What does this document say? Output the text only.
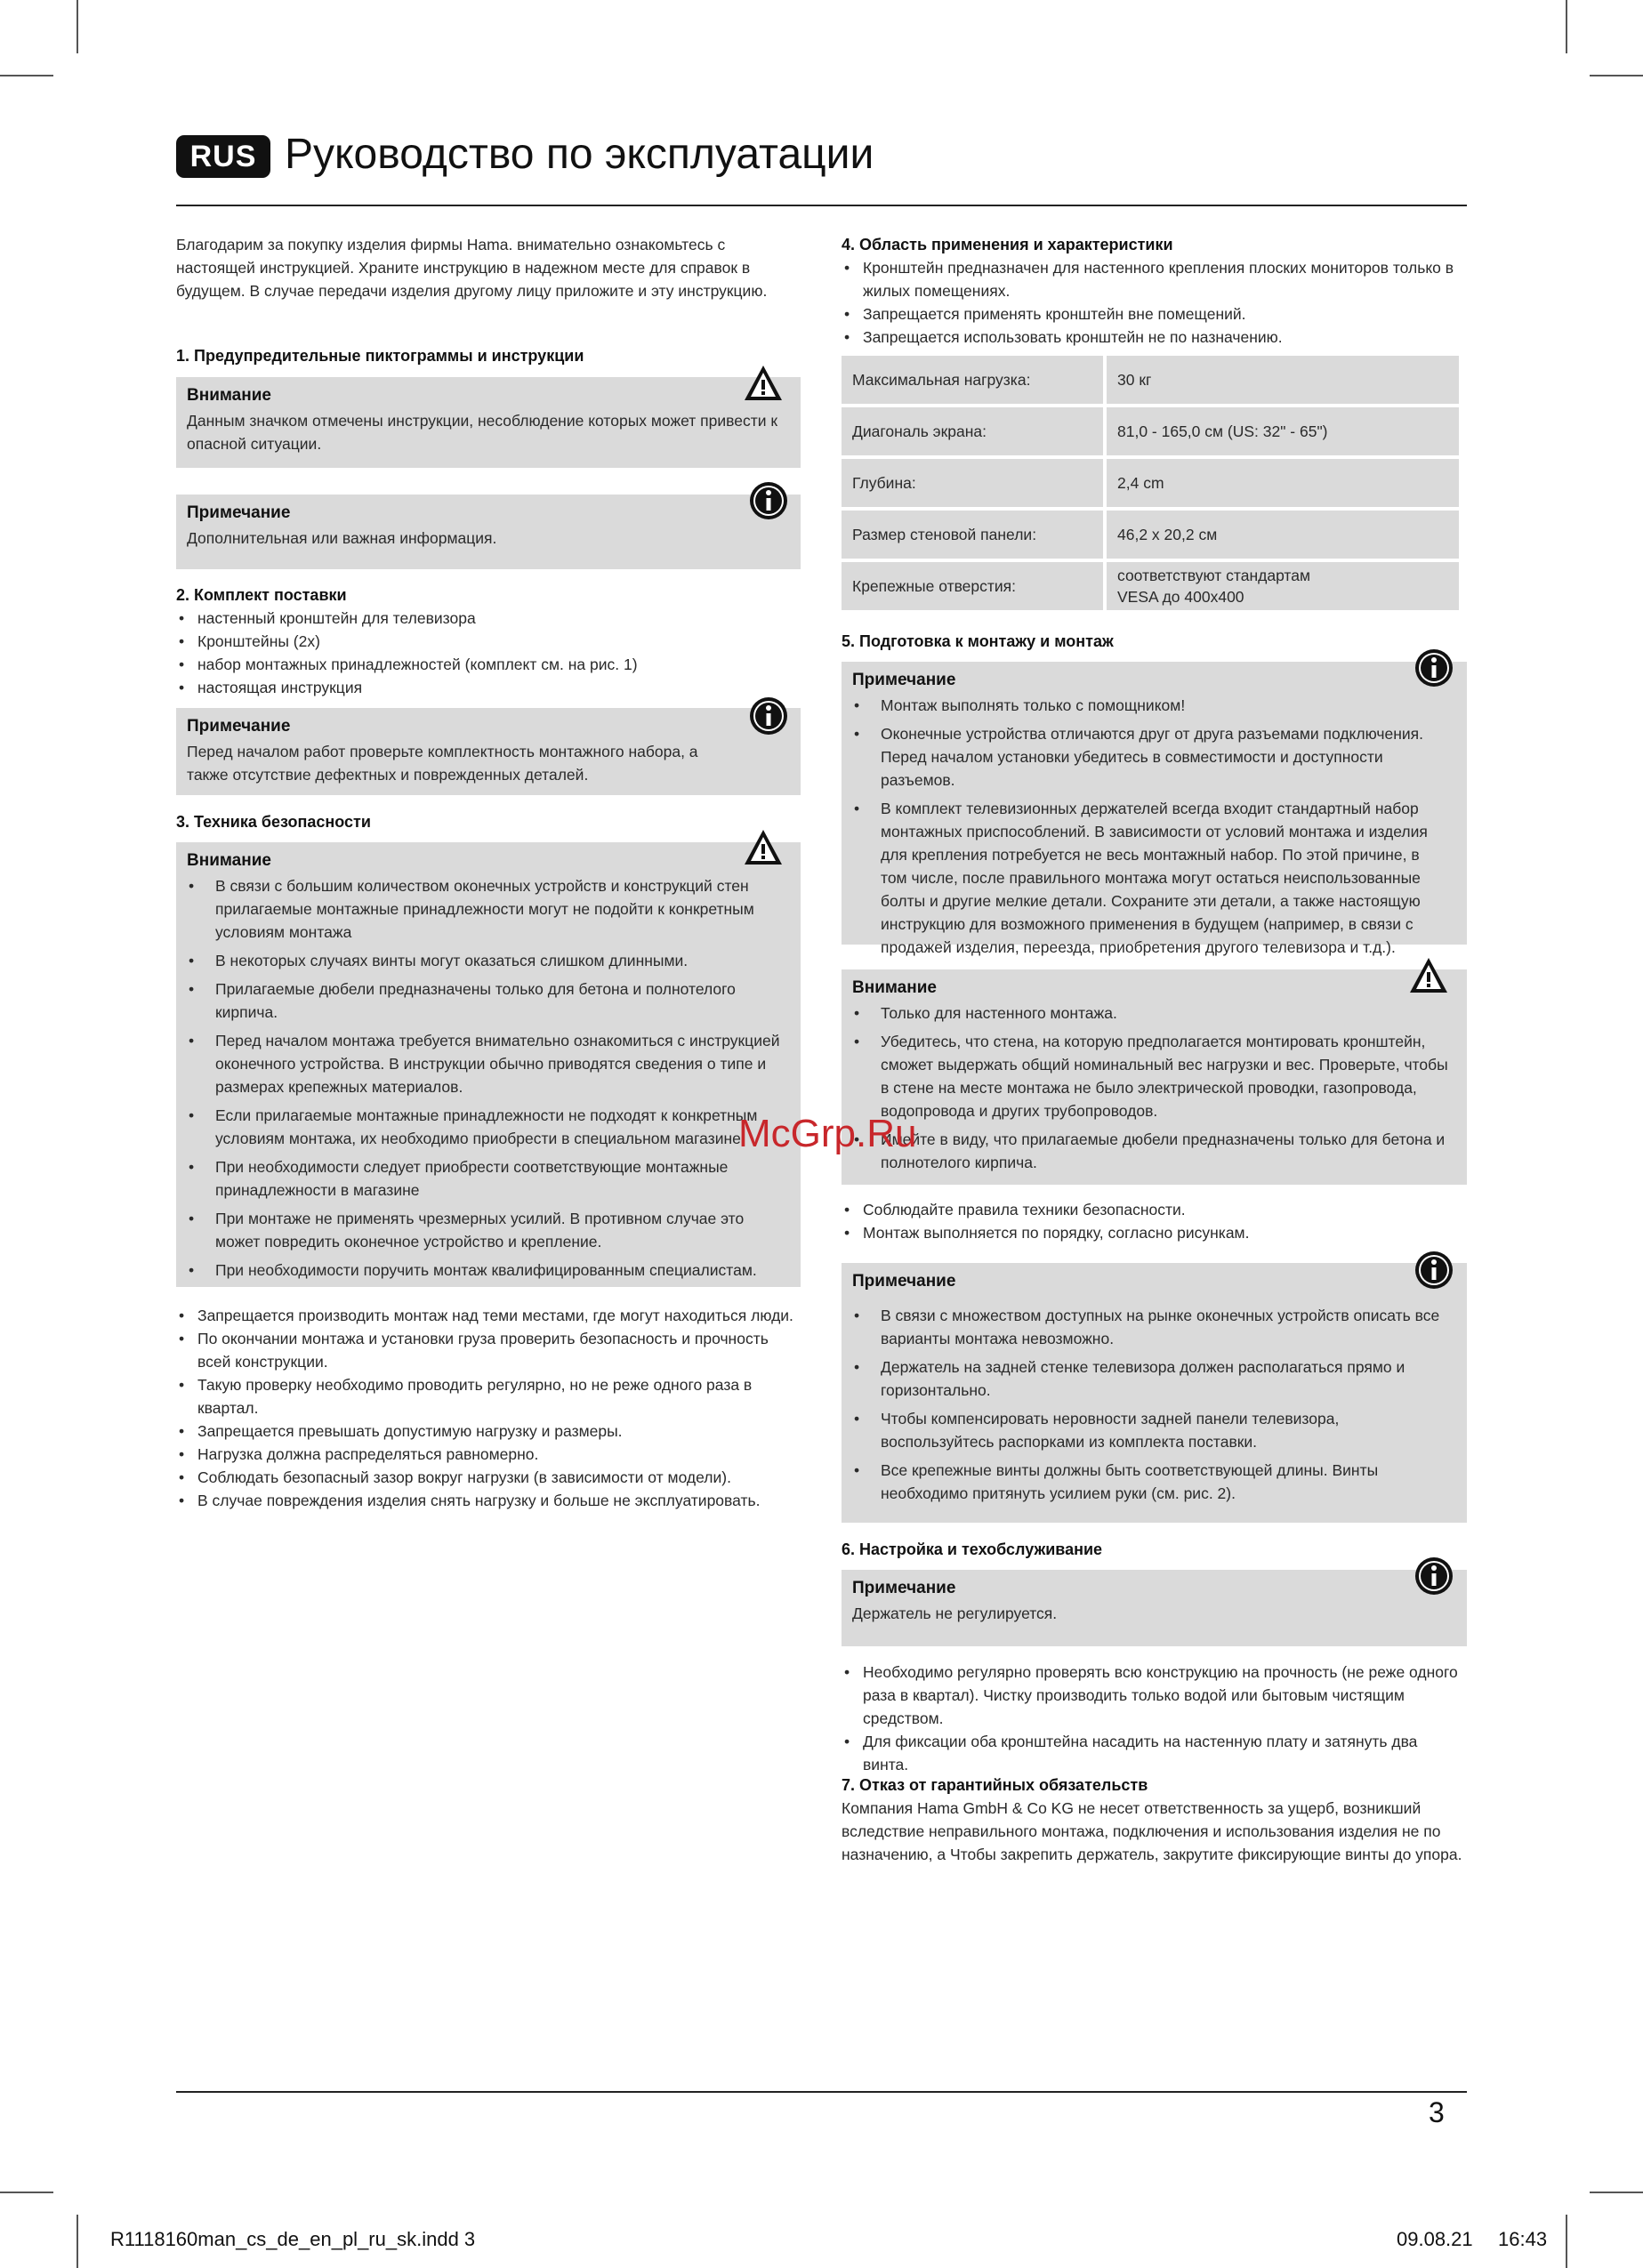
RUS Руководство по эксплуатации

Благодарим за покупку изделия фирмы Hama. внимательно ознакомьтесь с настоящей инструкцией. Храните инструкцию в надежном месте для справок в будущем. В случае передачи изделия другому лицу приложите и эту инструкцию.

1. Предупредительные пиктограммы и инструкции

Внимание
Данным значком отмечены инструкции, несоблюдение которых может привести к опасной ситуации.
Примечание
Дополнительная или важная информация.

2. Комплект поставки

• настенный кронштейн для телевизора
• Кронштейны (2x)
• набор монтажных принадлежностей (комплект см. на рис. 1)
• настоящая инструкция
Примечание
Перед началом работ проверьте комплектность монтажного набора, а также отсутствие дефектных и поврежденных деталей.

3. Техника безопасности

Внимание
• В связи с большим количеством оконечных устройств и конструкций стен прилагаемые монтажные принадлежности могут не подойти к конкретным условиям монтажа
• В некоторых случаях винты могут оказаться слишком длинными.
• Прилагаемые дюбели предназначены только для бетона и полнотелого кирпича.
• Перед началом монтажа требуется внимательно ознакомиться с инструкцией оконечного устройства. В инструкции обычно приводятся сведения о типе и размерах крепежных материалов.
• Если прилагаемые монтажные принадлежности не подходят к конкретным условиям монтажа, их необходимо приобрести в специальном магазине.
• При необходимости следует приобрести соответствующие монтажные принадлежности в магазине
• При монтаже не применять чрезмерных усилий. В противном случае это может повредить оконечное устройство и крепление.
• При необходимости поручить монтаж квалифицированным специалистам.
• Запрещается производить монтаж над теми местами, где могут находиться люди.
• По окончании монтажа и установки груза проверить безопасность и прочность всей конструкции.
• Такую проверку необходимо проводить регулярно, но не реже одного раза в квартал.
• Запрещается превышать допустимую нагрузку и размеры.
• Нагрузка должна распределяться равномерно.
• Соблюдать безопасный зазор вокруг нагрузки (в зависимости от модели).
• В случае повреждения изделия снять нагрузку и больше не эксплуатировать.

4. Область применения и характеристики

• Кронштейн предназначен для настенного крепления плоских мониторов только в жилых помещениях.
• Запрещается применять кронштейн вне помещений.
• Запрещается использовать кронштейн не по назначению.
Максимальная нагрузка:	30 кг
Диагональ экрана:	81,0 - 165,0 см (US: 32" - 65")
Глубина:	2,4 cm
Размер стеновой панели:	46,2 x 20,2 см
Крепежные отверстия:	соответствуют стандартам
VESA до 400x400

5. Подготовка к монтажу и монтаж

Примечание
• Монтаж выполнять только с помощником!
• Оконечные устройства отличаются друг от друга разъемами подключения. Перед началом установки убедитесь в совместимости и доступности разъемов.
• В комплект телевизионных держателей всегда входит стандартный набор монтажных приспособлений. В зависимости от условий монтажа и изделия для крепления потребуется не весь монтажный набор. По этой причине, в том числе, после правильного монтажа могут остаться неиспользованные болты и другие мелкие детали. Сохраните эти детали, а также настоящую инструкцию для возможного применения в будущем (например, в связи с продажей изделия, переезда, приобретения другого телевизора и т.д.).
Внимание
• Только для настенного монтажа.
• Убедитесь, что стена, на которую предполагается монтировать кронштейн, сможет выдержать общий номинальный вес нагрузки и вес. Проверьте, чтобы в стене на месте монтажа не было электрической проводки, газопровода, водопровода и других трубопроводов.
• Имейте в виду, что прилагаемые дюбели предназначены только для бетона и полнотелого кирпича.
• Соблюдайте правила техники безопасности.
• Монтаж выполняется по порядку, согласно рисункам.
Примечание
• В связи с множеством доступных на рынке оконечных устройств описать все варианты монтажа невозможно.
• Держатель на задней стенке телевизора должен располагаться прямо и горизонтально.
• Чтобы компенсировать неровности задней панели телевизора, воспользуйтесь распорками из комплекта поставки.
• Все крепежные винты должны быть соответствующей длины. Винты необходимо притянуть усилием руки (см. рис. 2).

6. Настройка и техобслуживание

Примечание
Держатель не регулируется.
• Необходимо регулярно проверять всю конструкцию на прочность (не реже одного раза в квартал). Чистку производить только водой или бытовым чистящим средством.
• Для фиксации оба кронштейна насадить на настенную плату и затянуть два винта.

7. Отказ от гарантийных обязательств

Компания Hama GmbH & Co KG не несет ответственность за ущерб, возникший вследствие неправильного монтажа, подключения и использования изделия не по назначению, а Чтобы закрепить держатель, закрутите фиксирующие винты до упора.

McGrp.Ru
3
R1118160man_cs_de_en_pl_ru_sk.indd 3	09.08.21 16:43
